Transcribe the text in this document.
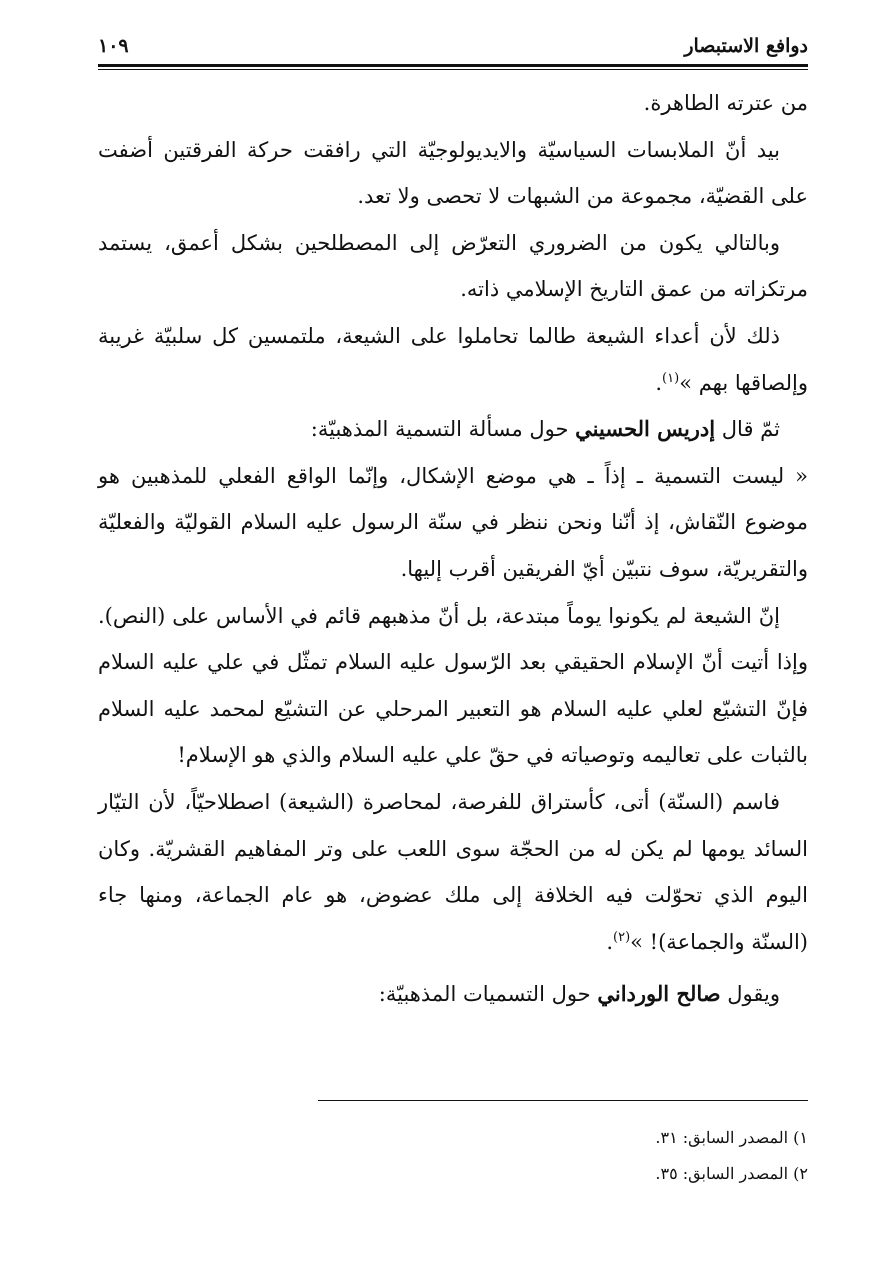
دوافع الاستبصار
١٠٩

من عترته الطاهرة.

بيد أنّ الملابسات السياسيّة والايديولوجيّة التي رافقت حركة الفرقتين أضفت على القضيّة، مجموعة من الشبهات لا تحصى ولا تعد.

وبالتالي يكون من الضروري التعرّض إلى المصطلحين بشكل أعمق، يستمد مرتكزاته من عمق التاريخ الإسلامي ذاته.

ذلك لأن أعداء الشيعة طالما تحاملوا على الشيعة، ملتمسين كل سلبيّة غريبة وإلصاقها بهم »$^{(١)}$.

ثمّ قال إدريس الحسيني حول مسألة التسمية المذهبيّة:

« ليست التسمية ـ إذاً ـ هي موضع الإشكال، وإنّما الواقع الفعلي للمذهبين هو موضوع النّقاش، إذ أنّنا ونحن ننظر في سنّة الرسول عليه السلام القوليّة والفعليّة والتقريريّة، سوف نتبيّن أيّ الفريقين أقرب إليها.

إنّ الشيعة لم يكونوا يوماً مبتدعة، بل أنّ مذهبهم قائم في الأساس على (النص). وإذا أتيت أنّ الإسلام الحقيقي بعد الرّسول عليه السلام تمثّل في علي عليه السلام فإنّ التشيّع لعلي عليه السلام هو التعبير المرحلي عن التشيّع لمحمد عليه السلام بالثبات على تعاليمه وتوصياته في حقّ علي عليه السلام والذي هو الإسلام!

فاسم (السنّة) أتى، كأستراق للفرصة، لمحاصرة (الشيعة) اصطلاحيّاً، لأن التيّار السائد يومها لم يكن له من الحجّة سوى اللعب على وتر المفاهيم القشريّة. وكان اليوم الذي تحوّلت فيه الخلافة إلى ملك عضوض، هو عام الجماعة، ومنها جاء (السنّة والجماعة)! »$^{(٢)}$.

ويقول صالح الورداني حول التسميات المذهبيّة:

١) المصدر السابق: ٣١.

٢) المصدر السابق: ٣٥.
